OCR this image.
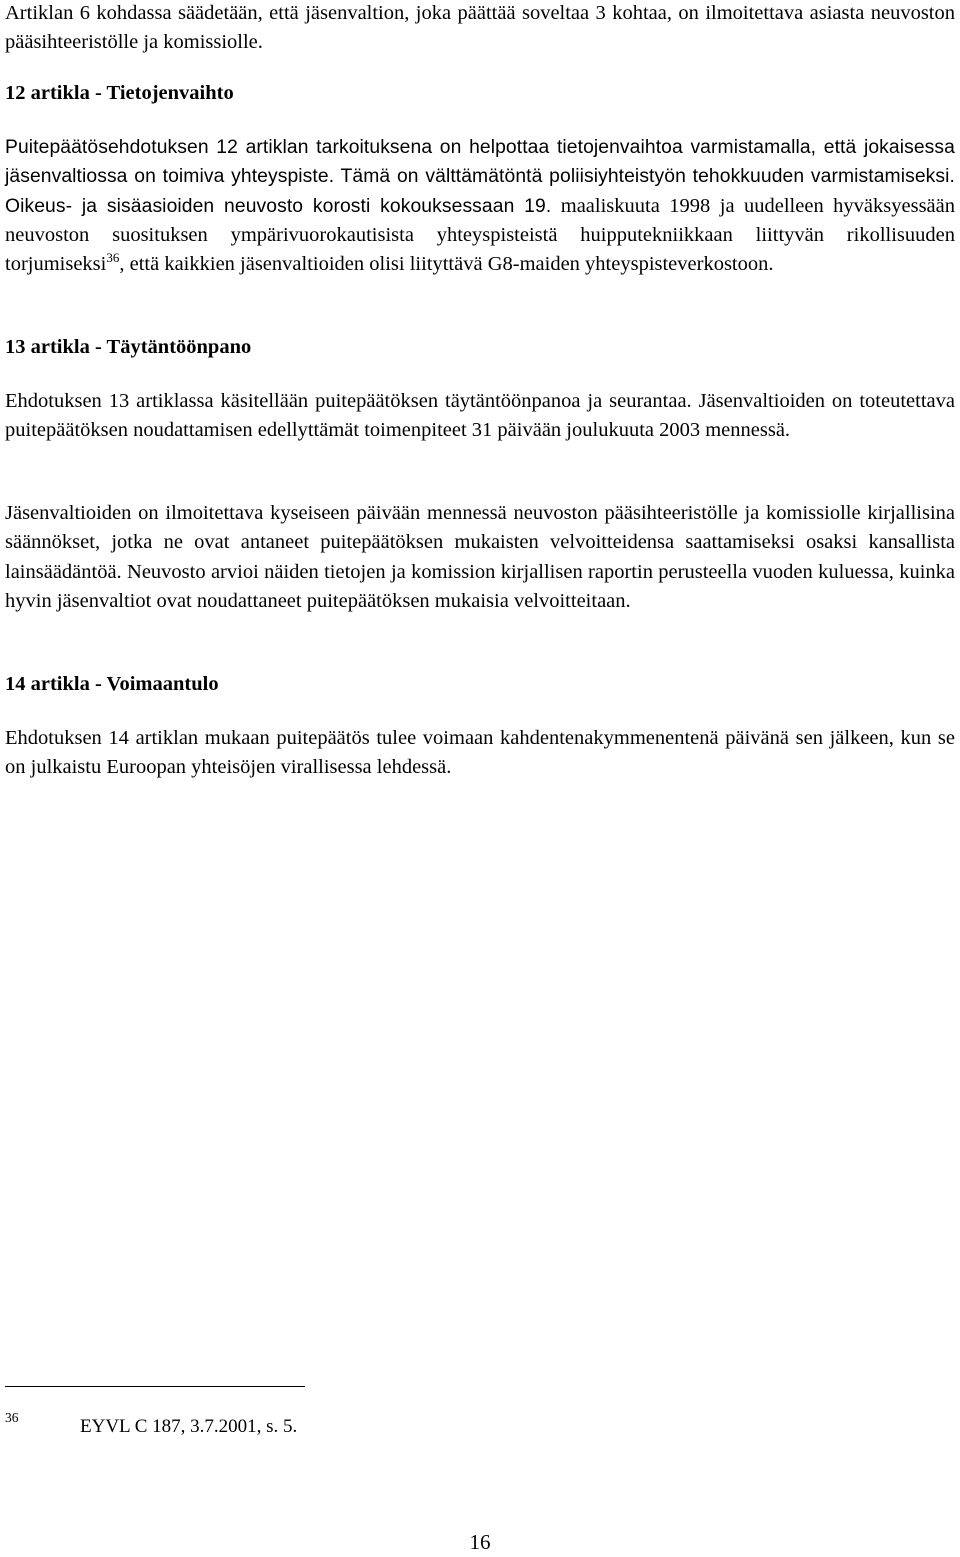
Artiklan 6 kohdassa säädetään, että jäsenvaltion, joka päättää soveltaa 3 kohtaa, on ilmoitettava asiasta neuvoston pääsihteeristölle ja komissiolle.

12 artikla - Tietojenvaihto

Puitepäätösehdotuksen 12 artiklan tarkoituksena on helpottaa tietojenvaihtoa varmistamalla, että jokaisessa jäsenvaltiossa on toimiva yhteyspiste. Tämä on välttämätöntä poliisiyhteistyön tehokkuuden varmistamiseksi. Oikeus- ja sisäasioiden neuvosto korosti kokouksessaan 19. maaliskuuta 1998 ja uudelleen hyväksyessään neuvoston suosituksen ympärivuorokautisista yhteyspisteistä huipputekniikkaan liittyvän rikollisuuden torjumiseksi$^{36}$, että kaikkien jäsenvaltioiden olisi liityttävä G8-maiden yhteyspisteverkostoon.

13 artikla - Täytäntöönpano

Ehdotuksen 13 artiklassa käsitellään puitepäätöksen täytäntöönpanoa ja seurantaa. Jäsenvaltioiden on toteutettava puitepäätöksen noudattamisen edellyttämät toimenpiteet 31 päivään joulukuuta 2003 mennessä.

Jäsenvaltioiden on ilmoitettava kyseiseen päivään mennessä neuvoston pääsihteeristölle ja komissiolle kirjallisina säännökset, jotka ne ovat antaneet puitepäätöksen mukaisten velvoitteidensa saattamiseksi osaksi kansallista lainsäädäntöä. Neuvosto arvioi näiden tietojen ja komission kirjallisen raportin perusteella vuoden kuluessa, kuinka hyvin jäsenvaltiot ovat noudattaneet puitepäätöksen mukaisia velvoitteitaan.

14 artikla - Voimaantulo

Ehdotuksen 14 artiklan mukaan puitepäätös tulee voimaan kahdentenakymmenentenä päivänä sen jälkeen, kun se on julkaistu Euroopan yhteisöjen virallisessa lehdessä.

36	EYVL C 187, 3.7.2001, s. 5.
16
